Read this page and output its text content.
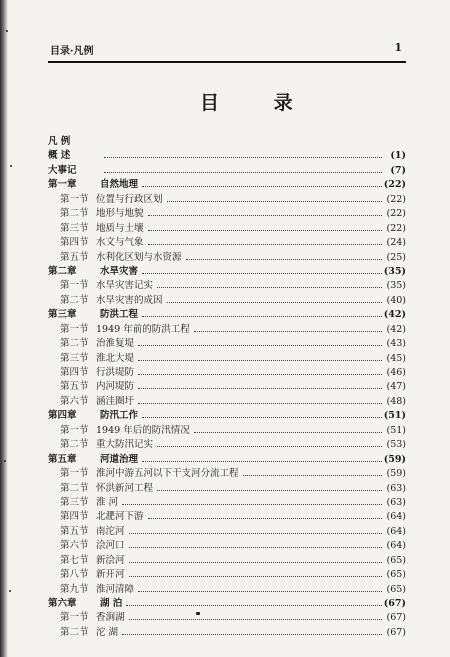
目录·凡例	1
目 录
凡 例
概 述	(1)
大事记	(7)
第一章	自然地理	(22)
第一节 位置与行政区划	(22)
第二节 地形与地貌	(22)
第三节 地质与土壤	(22)
第四节 水文与气象	(24)
第五节 水利化区划与水资源	(25)
第二章	水旱灾害	(35)
第一节 水旱灾害记实	(35)
第二节 水旱灾害的成因	(40)
第三章	防洪工程	(42)
第一节 1949 年前的防洪工程	(42)
第二节 治淮复堤	(43)
第三节 淮北大堤	(45)
第四节 行洪堤防	(46)
第五节 内河堤防	(47)
第六节 涵洼圈圩	(48)
第四章	防汛工作	(51)
第一节 1949 年后的防汛情况	(51)
第二节 重大防汛记实	(53)
第五章	河道治理	(59)
第一节 淮河中游五河以下干支河分流工程	(59)
第二节 怀洪新河工程	(63)
第三节 淮 河	(63)
第四节 北淝河下游	(64)
第五节 南沱河	(64)
第六节 浍河口	(64)
第七节 新浍河	(65)
第八节 新开河	(65)
第九节 淮河清障	(65)
第六章	湖 泊	(67)
第一节 香涧湖	(67)
第二节 沱 湖	(67)
